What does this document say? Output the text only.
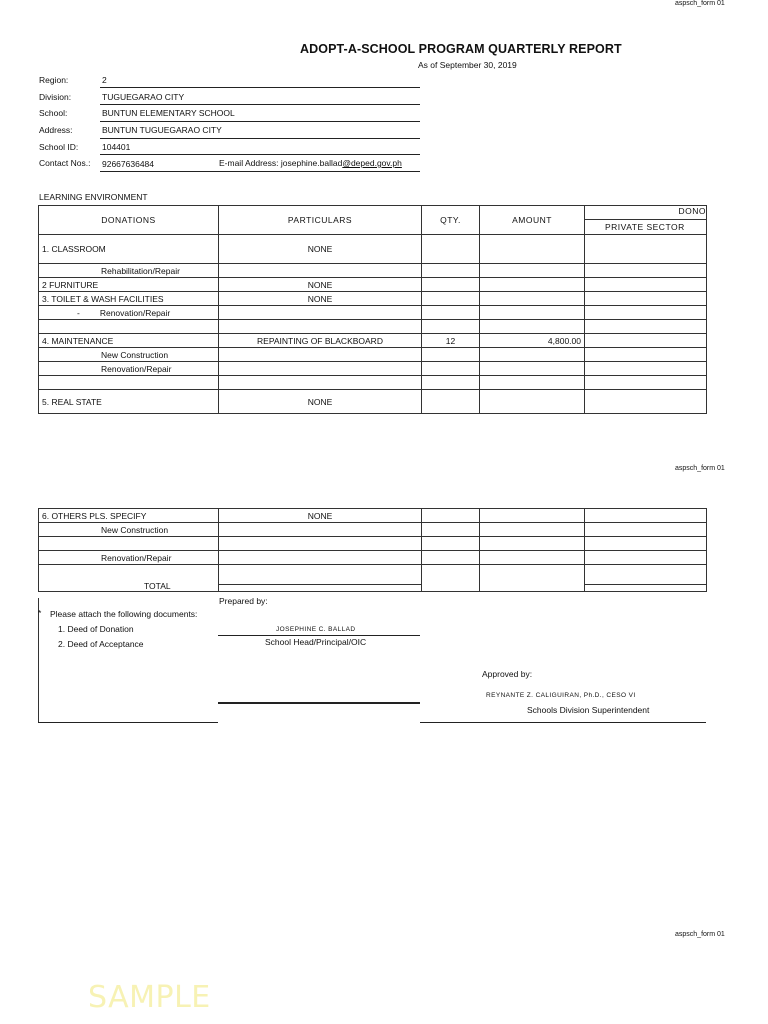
aspsch_form 01
ADOPT-A-SCHOOL PROGRAM QUARTERLY REPORT
As of September 30, 2019
Region:	2
Division:	TUGUEGARAO CITY
School:	BUNTUN ELEMENTARY SCHOOL
Address:	BUNTUN TUGUEGARAO CITY
School ID:	104401
Contact Nos.: 92667636484	E-mail Address: josephine.ballad@deped.gov.ph
LEARNING ENVIRONMENT
DONATIONS	PARTICULARS	QTY.	AMOUNT	DONO
PRIVATE SECTOR

1. CLASSROOM	NONE			
Rehabilitation/Repair				
2 FURNITURE	NONE			
3. TOILET & WASH FACILITIES	NONE			
- Renovation/Repair				

4. MAINTENANCE	REPAINTING OF BLACKBOARD	12	4,800.00	
New Construction				
Renovation/Repair				

5. REAL STATE	NONE			
aspsch_form 01
6. OTHERS PLS. SPECIFY	NONE			
New Construction				

Renovation/Repair				
TOTAL	

* Please attach the following documents:
1. Deed of Donation
2. Deed of Acceptance
Prepared by:
JOSEPHINE C. BALLAD
School Head/Principal/OIC
Approved by:
REYNANTE Z. CALIGUIRAN, Ph.D., CESO VI
Schools Division Superintendent
aspsch_form 01
SAMPLE
